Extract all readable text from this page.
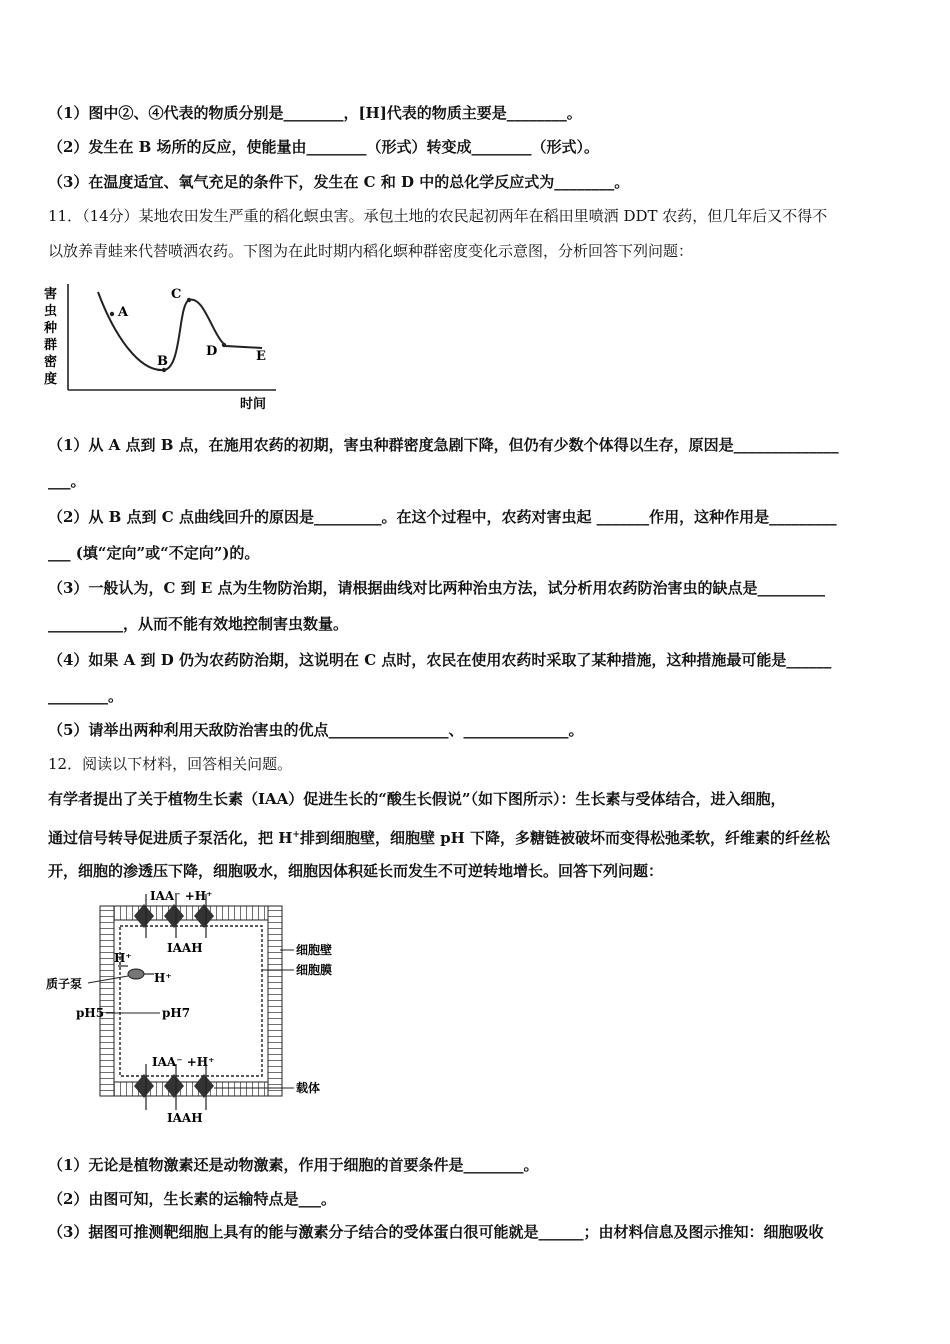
（1）图中②、④代表的物质分别是________，[H]代表的物质主要是________。
（2）发生在 B 场所的反应，使能量由________（形式）转变成________（形式）。
（3）在温度适宜、氧气充足的条件下，发生在 C 和 D 中的总化学反应式为________。
11．（14分）某地农田发生严重的稻化螟虫害。承包土地的农民起初两年在稻田里喷洒 DDT 农药，但几年后又不得不
以放养青蛙来代替喷洒农药。下图为在此时期内稻化螟种群密度变化示意图，分析回答下列问题：
害
虫
种
群
密
度
时间
A
B
C
D	E
（1）从 A 点到 B 点，在施用农药的初期，害虫种群密度急剧下降，但仍有少数个体得以生存，原因是______________
___。
（2）从 B 点到 C 点曲线回升的原因是_________。在这个过程中，农药对害虫起 _______作用，这种作用是_________
___ (填“定向”或“不定向”)的。
（3）一般认为，C 到 E 点为生物防治期，请根据曲线对比两种治虫方法，试分析用农药防治害虫的缺点是_________
__________，从而不能有效地控制害虫数量。
（4）如果 A 到 D 仍为农药防治期，这说明在 C 点时，农民在使用农药时采取了某种措施，这种措施最可能是______
________。
（5）请举出两种利用天敌防治害虫的优点________________、______________。
12．阅读以下材料，回答相关问题。
有学者提出了关于植物生长素（IAA）促进生长的“酸生长假说”（如下图所示）：生长素与受体结合，进入细胞，
通过信号转导促进质子泵活化，把 H+排到细胞壁，细胞壁 pH 下降，多糖链被破坏而变得松弛柔软，纤维素的纤丝松
开，细胞的渗透压下降，细胞吸水，细胞因体积延长而发生不可逆转地增长。回答下列问题：
IAA⁻ +H⁺
IAAH
IAA⁻ +H⁺
IAAH
H⁺
H⁺
质子泵
pH5	pH7
细胞壁
细胞膜
载体
（1）无论是植物激素还是动物激素，作用于细胞的首要条件是________。
（2）由图可知，生长素的运输特点是___。
（3）据图可推测靶细胞上具有的能与激素分子结合的受体蛋白很可能就是______；由材料信息及图示推知：细胞吸收
